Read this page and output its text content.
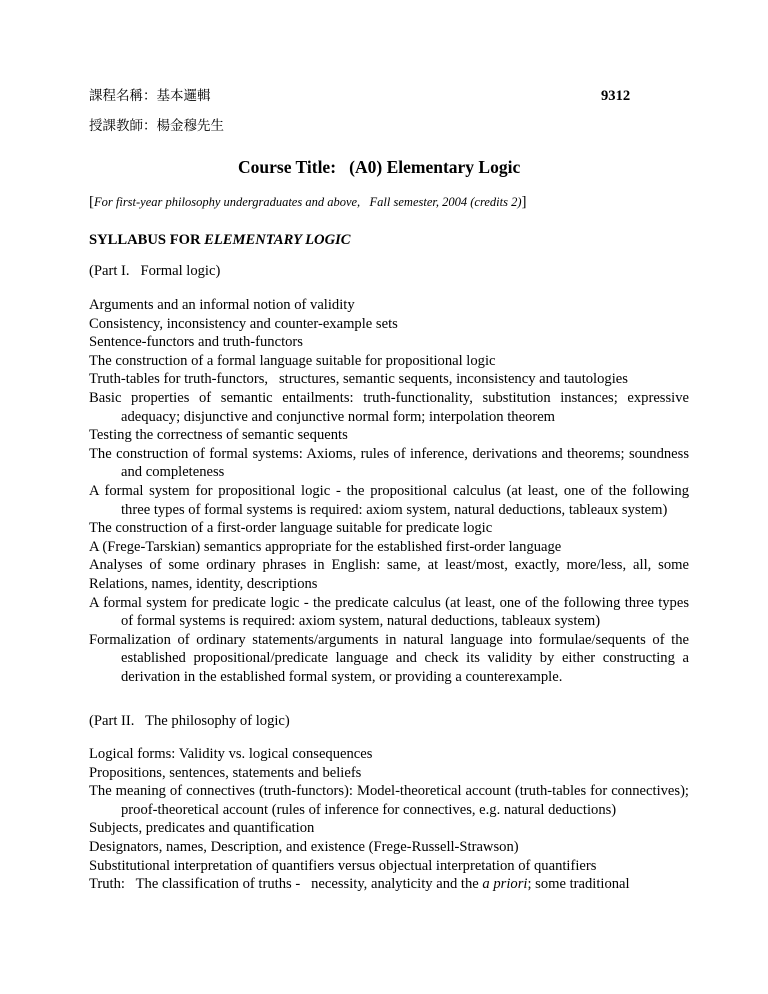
課程名稱：基本邏輯	9312
授課教師：楊金穆先生
Course Title: (A0) Elementary Logic
[For first-year philosophy undergraduates and above,   Fall semester, 2004 (credits 2)]
SYLLABUS FOR ELEMENTARY LOGIC
(Part I.   Formal logic)

Arguments and an informal notion of validity

Consistency, inconsistency and counter-example sets

Sentence-functors and truth-functors

The construction of a formal language suitable for propositional logic

Truth-tables for truth-functors,   structures, semantic sequents, inconsistency and tautologies

Basic properties of semantic entailments: truth-functionality, substitution instances; expressive adequacy; disjunctive and conjunctive normal form; interpolation theorem

Testing the correctness of semantic sequents

The construction of formal systems: Axioms, rules of inference, derivations and theorems; soundness and completeness

A formal system for propositional logic - the propositional calculus (at least, one of the following three types of formal systems is required: axiom system, natural deductions, tableaux system)

The construction of a first-order language suitable for predicate logic

A (Frege-Tarskian) semantics appropriate for the established first-order language

Analyses of some ordinary phrases in English: same, at least/most, exactly, more/less, all, some Relations, names, identity, descriptions

A formal system for predicate logic - the predicate calculus (at least, one of the following three types of formal systems is required: axiom system, natural deductions, tableaux system)

Formalization of ordinary statements/arguments in natural language into formulae/sequents of the established propositional/predicate language and check its validity by either constructing a derivation in the established formal system, or providing a counterexample.

(Part II.   The philosophy of logic)

Logical forms: Validity vs. logical consequences

Propositions, sentences, statements and beliefs

The meaning of connectives (truth-functors): Model-theoretical account (truth-tables for connectives); proof-theoretical account (rules of inference for connectives, e.g. natural deductions)

Subjects, predicates and quantification

Designators, names, Description, and existence (Frege-Russell-Strawson)

Substitutional interpretation of quantifiers versus objectual interpretation of quantifiers

Truth:   The classification of truths -   necessity, analyticity and the a priori; some traditional
